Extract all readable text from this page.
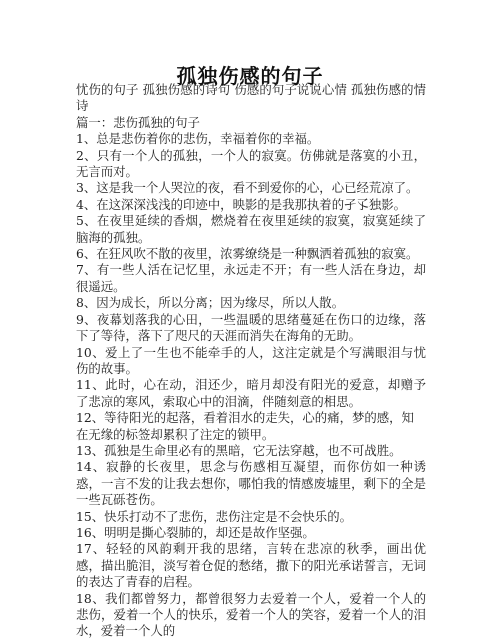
孤独伤感的句子

忧伤的句子 孤独伤感的诗句 伤感的句子说说心情 孤独伤感的情诗

篇一：悲伤孤独的句子

1、总是悲伤着你的悲伤，幸福着你的幸福。

2、只有一个人的孤独，一个人的寂寞。仿佛就是落寞的小丑，无言而对。

3、这是我一个人哭泣的夜，看不到爱你的心，心已经荒凉了。

4、在这深深浅浅的印迹中，映影的是我那执着的孑孓独影。

5、在夜里延续的香烟，燃烧着在夜里延续的寂寞，寂寞延续了脑海的孤独。

6、在狂风吹不散的夜里，浓雾缭绕是一种飘洒着孤独的寂寞。

7、有一些人活在记忆里，永远走不开；有一些人活在身边，却很遥远。

8、因为成长，所以分离；因为缘尽，所以人散。

9、夜幕划落我的心田，一些温暖的思绪蔓延在伤口的边缘，落下了等待，落下了咫尺的天涯而消失在海角的无助。

10、爱上了一生也不能牵手的人，这注定就是个写满眼泪与忧伤的故事。

11、此时，心在动，泪还少，暗月却没有阳光的爱意，却赠予了悲凉的寒风，索取心中的泪滴，伴随刻意的相思。

12、等待阳光的起落，看着泪水的走失，心的痛，梦的感，知

在无缘的标签却累积了注定的锁甲。

13、孤独是生命里必有的黑暗，它无法穿越，也不可战胜。

14、寂静的长夜里，思念与伤感相互凝望，而你仿如一种诱惑，一言不发的让我去想你，哪怕我的情感废墟里，剩下的全是一些瓦砾苍伤。

15、快乐打动不了悲伤，悲伤注定是不会快乐的。

16、明明是撕心裂肺的，却还是故作坚强。

17、轻轻的风韵剩开我的思绪，言转在悲凉的秋季，画出优感，描出脆泪，淡写着仓促的愁绪，撒下的阳光承诺誓言，无词的表达了青春的启程。

18、我们都曾努力，都曾很努力去爱着一个人，爱着一个人的悲伤，爱着一个人的快乐，爱着一个人的笑容，爱着一个人的泪水，爱着一个人的
